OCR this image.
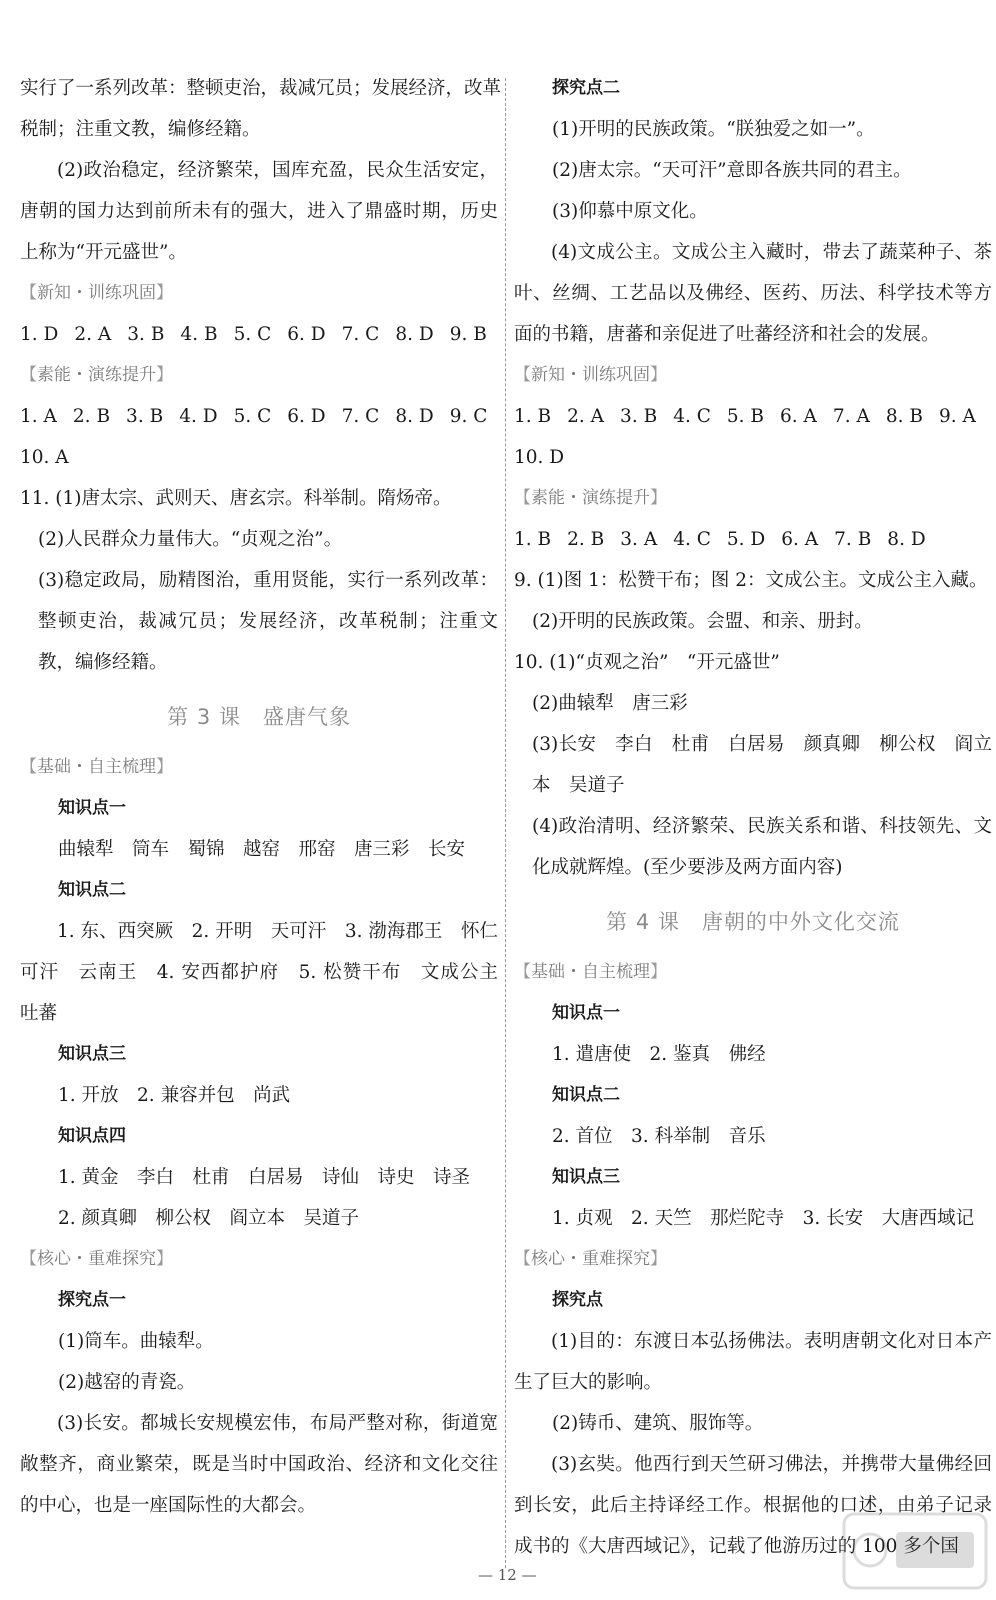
实行了一系列改革：整顿吏治，裁减冗员；发展经济，改革

税制；注重文教，编修经籍。

(2)政治稳定，经济繁荣，国库充盈，民众生活安定，唐朝的国力达到前所未有的强大，进入了鼎盛时期，历史上称为“开元盛世”。

【新知・训练巩固】
1. D 2. A 3. B 4. B 5. C 6. D 7. C 8. D 9. B
【素能・演练提升】
1. A 2. B 3. B 4. D 5. C 6. D 7. C 8. D 9. C

10. A

11. (1)唐太宗、武则天、唐玄宗。科举制。隋炀帝。

(2)人民群众力量伟大。“贞观之治”。

(3)稳定政局，励精图治，重用贤能，实行一系列改革：整顿吏治，裁减冗员；发展经济，改革税制；注重文教，编修经籍。

第 3 课　盛唐气象
【基础・自主梳理】
知识点一

曲辕犁　筒车　蜀锦　越窑　邢窑　唐三彩　长安

知识点二

1. 东、西突厥　2. 开明　天可汗　3. 渤海郡王　怀仁可汗　云南王　4. 安西都护府　5. 松赞干布　文成公主　吐蕃

知识点三

1. 开放　2. 兼容并包　尚武

知识点四

1. 黄金　李白　杜甫　白居易　诗仙　诗史　诗圣

2. 颜真卿　柳公权　阎立本　吴道子

【核心・重难探究】
探究点一

(1)筒车。曲辕犁。

(2)越窑的青瓷。

(3)长安。都城长安规模宏伟，布局严整对称，街道宽敞整齐，商业繁荣，既是当时中国政治、经济和文化交往的中心，也是一座国际性的大都会。

探究点二

(1)开明的民族政策。“朕独爱之如一”。

(2)唐太宗。“天可汗”意即各族共同的君主。

(3)仰慕中原文化。

(4)文成公主。文成公主入藏时，带去了蔬菜种子、茶叶、丝绸、工艺品以及佛经、医药、历法、科学技术等方面的书籍，唐蕃和亲促进了吐蕃经济和社会的发展。

【新知・训练巩固】
1. B 2. A 3. B 4. C 5. B 6. A 7. A 8. B 9. A

10. D

【素能・演练提升】
1. B 2. B 3. A 4. C 5. D 6. A 7. B 8. D

9. (1)图 1：松赞干布；图 2：文成公主。文成公主入藏。

(2)开明的民族政策。会盟、和亲、册封。

10. (1)“贞观之治”　“开元盛世”

(2)曲辕犁　唐三彩

(3)长安　李白　杜甫　白居易　颜真卿　柳公权　阎立本　吴道子

(4)政治清明、经济繁荣、民族关系和谐、科技领先、文化成就辉煌。(至少要涉及两方面内容)

第 4 课　唐朝的中外文化交流
【基础・自主梳理】
知识点一

1. 遣唐使　2. 鉴真　佛经

知识点二

2. 首位　3. 科举制　音乐

知识点三

1. 贞观　2. 天竺　那烂陀寺　3. 长安　大唐西域记

【核心・重难探究】
探究点

(1)目的：东渡日本弘扬佛法。表明唐朝文化对日本产生了巨大的影响。

(2)铸币、建筑、服饰等。

(3)玄奘。他西行到天竺研习佛法，并携带大量佛经回到长安，此后主持译经工作。根据他的口述，由弟子记录成书的《大唐西域记》，记载了他游历过的 100 多个国

— 12 —
